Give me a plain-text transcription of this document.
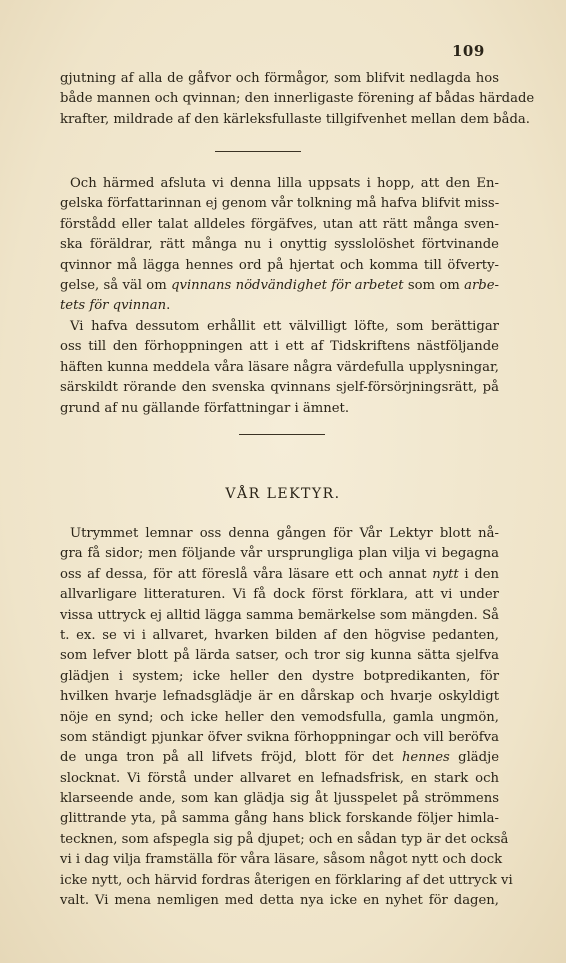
109
gjutning af alla de gåfvor och förmågor, som blifvit nedlagda hos
både mannen och qvinnan; den innerligaste förening af bådas härdade
krafter, mildrade af den kärleksfullaste tillgifvenhet mellan dem båda.
Och härmed afsluta vi denna lilla uppsats i hopp, att den En-
gelska författarinnan ej genom vår tolkning må hafva blifvit miss-
förstådd eller talat alldeles förgäfves, utan att rätt många sven-
ska föräldrar, rätt många nu i onyttig sysslolöshet förtvinande
qvinnor må lägga hennes ord på hjertat och komma till öfverty-
gelse, så väl om qvinnans nödvändighet för arbetet som om arbe-
tets för qvinnan.
Vi hafva dessutom erhållit ett välvilligt löfte, som berättigar
oss till den förhoppningen att i ett af Tidskriftens nästföljande
häften kunna meddela våra läsare några värdefulla upplysningar,
särskildt rörande den svenska qvinnans sjelf-försörjningsrätt, på
grund af nu gällande författningar i ämnet.
VÅR LEKTYR.
Utrymmet lemnar oss denna gången för Vår Lektyr blott nå-
gra få sidor; men följande vår ursprungliga plan vilja vi begagna
oss af dessa, för att föreslå våra läsare ett och annat nytt i den
allvarligare litteraturen. Vi få dock först förklara, att vi under
vissa uttryck ej alltid lägga samma bemärkelse som mängden. Så
t. ex. se vi i allvaret, hvarken bilden af den högvise pedanten,
som lefver blott på lärda satser, och tror sig kunna sätta sjelfva
glädjen i system; icke heller den dystre botpredikanten, för
hvilken hvarje lefnadsglädje är en dårskap och hvarje oskyldigt
nöje en synd; och icke heller den vemodsfulla, gamla ungmön,
som ständigt pjunkar öfver svikna förhoppningar och vill beröfva
de unga tron på all lifvets fröjd, blott för det hennes glädje
slocknat. Vi förstå under allvaret en lefnadsfrisk, en stark och
klarseende ande, som kan glädja sig åt ljusspelet på strömmens
glittrande yta, på samma gång hans blick forskande följer himla-
tecknen, som afspegla sig på djupet; och en sådan typ är det också
vi i dag vilja framställa för våra läsare, såsom något nytt och dock
icke nytt, och härvid fordras återigen en förklaring af det uttryck vi
valt. Vi mena nemligen med detta nya icke en nyhet för dagen,
